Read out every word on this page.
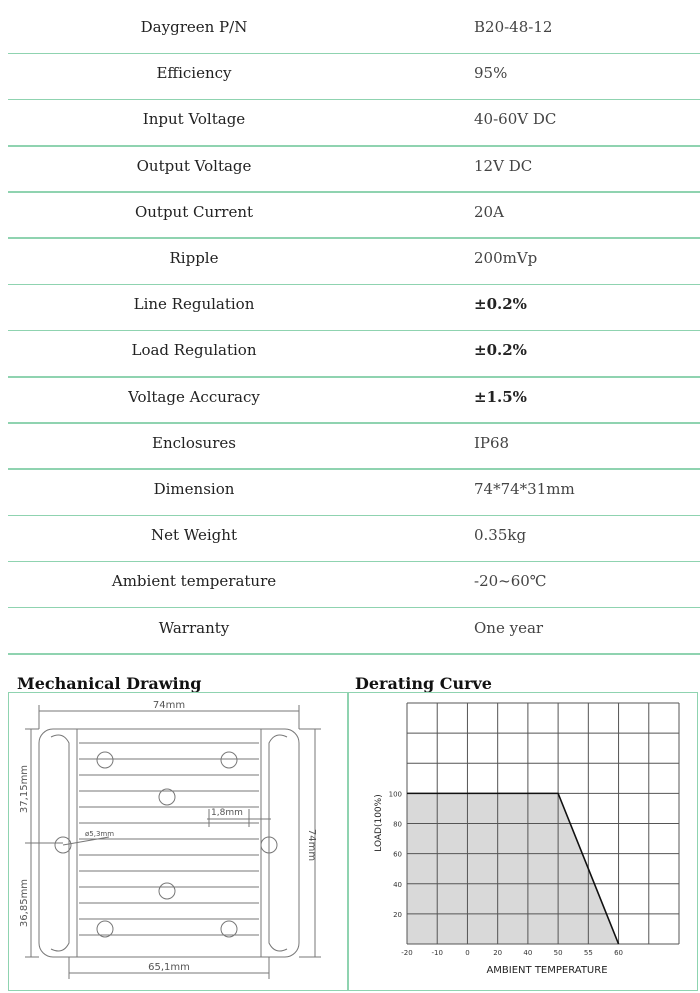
Daygreen P/N	B20-48-12
Efficiency	95%
Input Voltage	40-60V DC
Output Voltage	12V DC
Output Current	20A
Ripple	200mVp
Line Regulation	±0.2%
Load Regulation	±0.2%
Voltage Accuracy	±1.5%
Enclosures	IP68
Dimension	74*74*31mm
Net Weight	0.35kg
Ambient temperature	-20~60℃
Warranty	One year
Mechanical Drawing	Derating Curve
74mm
65,1mm
74mm
37,15mm
36,85mm
ø5,3mm
1,8mm
20
40
60
80
100
-20	-10	0	20	40	50	55	60
AMBIENT TEMPERATURE
LOAD(100%)
